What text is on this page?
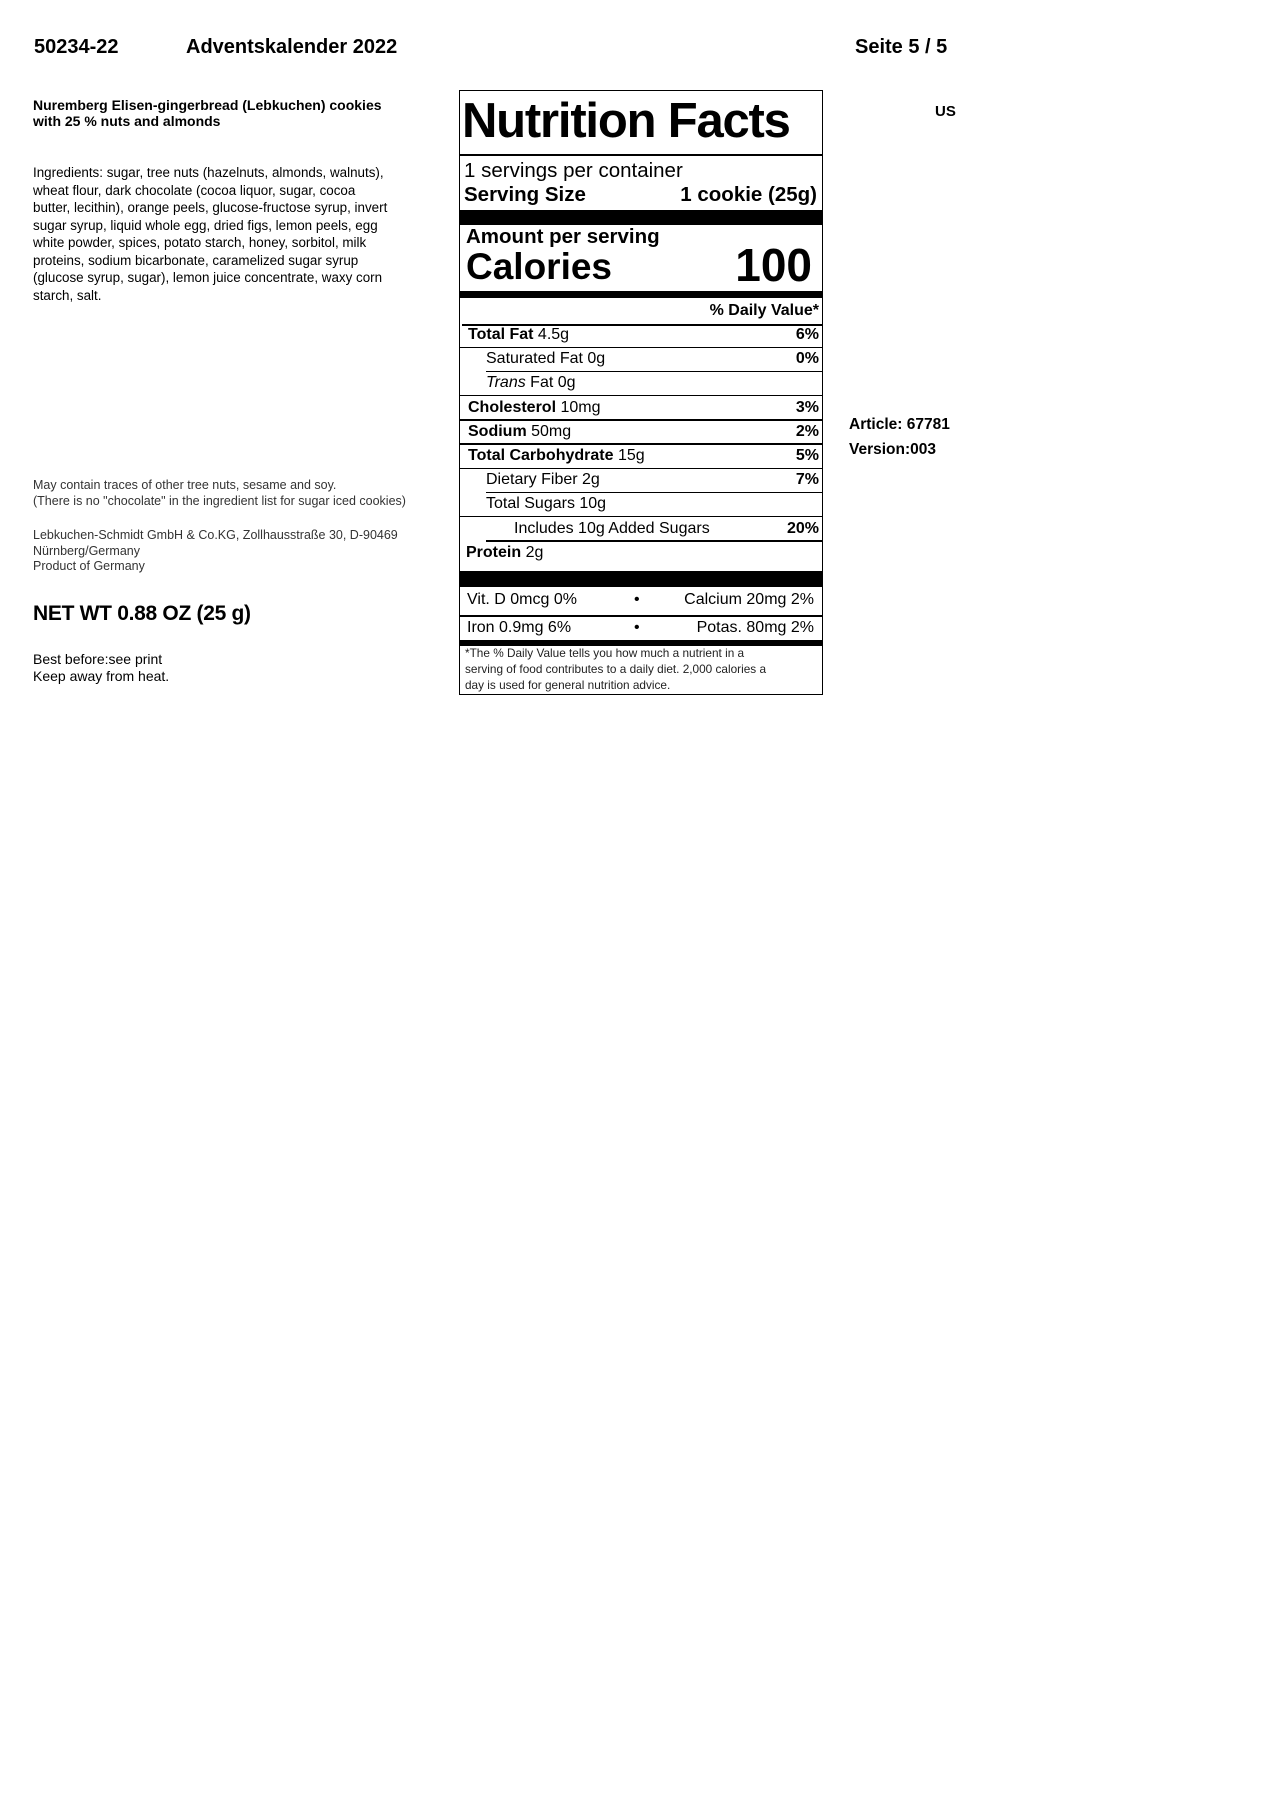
50234-22	Adventskalender 2022	Seite 5 / 5
Nuremberg Elisen-gingerbread (Lebkuchen) cookies
with 25 % nuts and almonds
Ingredients: sugar, tree nuts (hazelnuts, almonds, walnuts),
wheat flour, dark chocolate (cocoa liquor, sugar, cocoa
butter, lecithin), orange peels, glucose-fructose syrup, invert
sugar syrup, liquid whole egg, dried figs, lemon peels, egg
white powder, spices, potato starch, honey, sorbitol, milk
proteins, sodium bicarbonate, caramelized sugar syrup
(glucose syrup, sugar), lemon juice concentrate, waxy corn
starch, salt.
May contain traces of other tree nuts, sesame and soy.
(There is no "chocolate" in the ingredient list for sugar iced cookies)
Lebkuchen-Schmidt GmbH & Co.KG, Zollhausstraße 30, D-90469
Nürnberg/Germany
Product of Germany
NET WT 0.88 OZ (25 g)
Best before:see print
Keep away from heat.
US
Article: 67781
Version:003
Nutrition Facts
1 servings per container
Serving Size	1 cookie (25g)
Amount per serving
Calories	100
% Daily Value*
Total Fat 4.5g	6%
Saturated Fat 0g	0%
Trans Fat 0g
Cholesterol 10mg	3%
Sodium 50mg	2%
Total Carbohydrate 15g	5%
Dietary Fiber 2g	7%
Total Sugars 10g
Includes 10g Added Sugars	20%
Protein 2g
Vit. D 0mcg 0%	•	Calcium 20mg 2%
Iron 0.9mg 6%	•	Potas. 80mg 2%
*The % Daily Value tells you how much a nutrient in a
serving of food contributes to a daily diet. 2,000 calories a
day is used for general nutrition advice.
